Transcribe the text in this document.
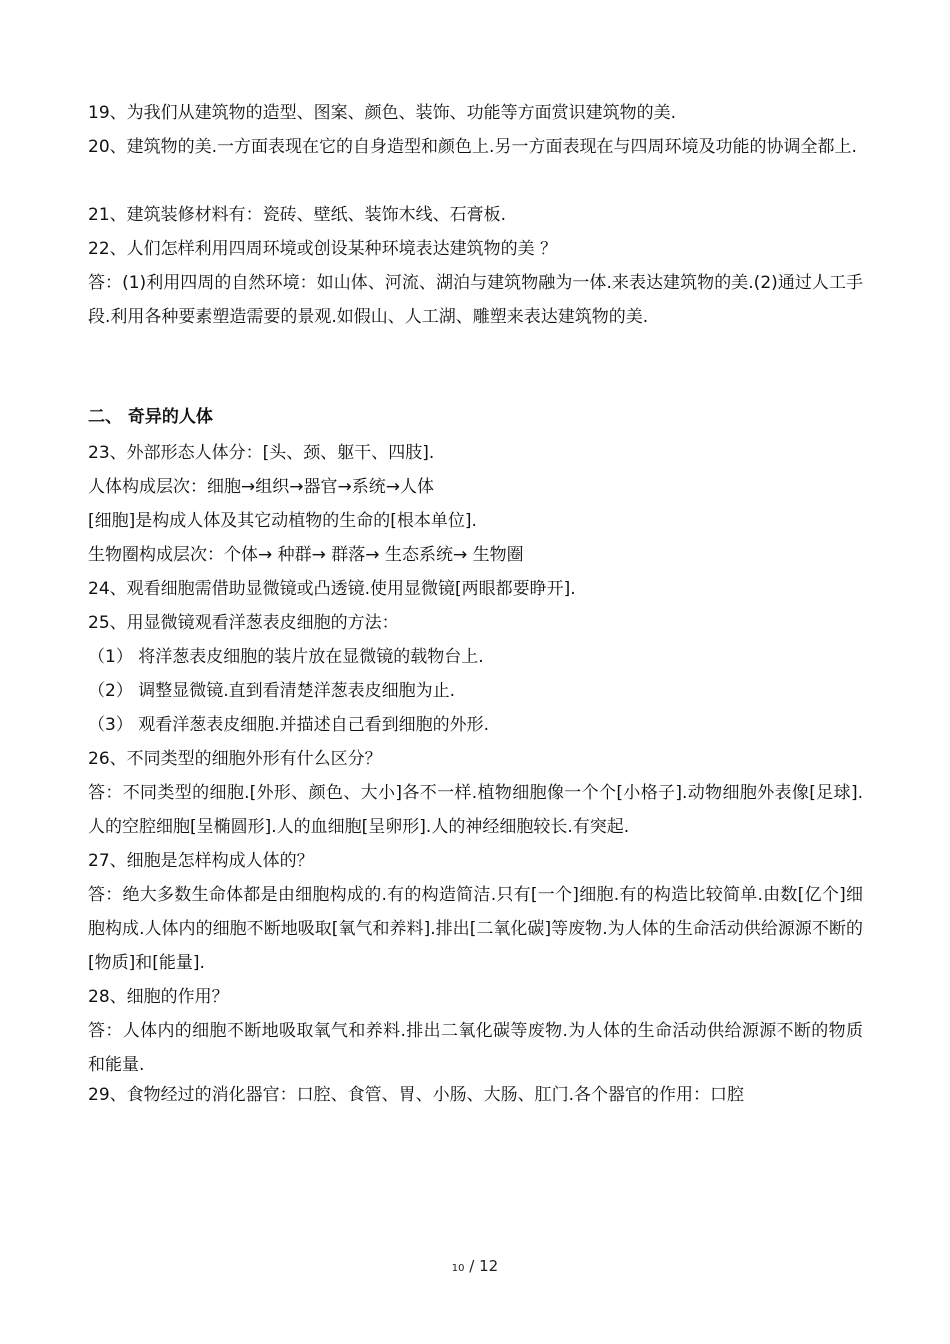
19、为我们从建筑物的造型、图案、颜色、装饰、功能等方面赏识建筑物的美.
20、建筑物的美.一方面表现在它的自身造型和颜色上.另一方面表现在与四周环境及功能的协调全都上.
21、建筑装修材料有：瓷砖、壁纸、装饰木线、石膏板.
22、人们怎样利用四周环境或创设某种环境表达建筑物的美 ？
答：(1)利用四周的自然环境：如山体、河流、湖泊与建筑物融为一体.来表达建筑物的美.(2)通过人工手段.利用各种要素塑造需要的景观.如假山、人工湖、雕塑来表达建筑物的美.
二、 奇异的人体
23、外部形态人体分：[头、颈、躯干、四肢].
人体构成层次：细胞→组织→器官→系统→人体
[细胞]是构成人体及其它动植物的生命的[根本单位].
生物圈构成层次：个体→ 种群→ 群落→ 生态系统→ 生物圈
24、观看细胞需借助显微镜或凸透镜.使用显微镜[两眼都要睁开].
25、用显微镜观看洋葱表皮细胞的方法：
（1） 将洋葱表皮细胞的装片放在显微镜的载物台上.
（2） 调整显微镜.直到看清楚洋葱表皮细胞为止.
（3） 观看洋葱表皮细胞.并描述自己看到细胞的外形.
26、不同类型的细胞外形有什么区分？
答：不同类型的细胞.[外形、颜色、大小]各不一样.植物细胞像一个个[小格子].动物细胞外表像[足球].人的空腔细胞[呈椭圆形].人的血细胞[呈卵形].人的神经细胞较长.有突起.
27、细胞是怎样构成人体的？
答：绝大多数生命体都是由细胞构成的.有的构造简洁.只有[一个]细胞.有的构造比较简单.由数[亿个]细胞构成.人体内的细胞不断地吸取[氧气和养料].排出[二氧化碳]等废物.为人体的生命活动供给源源不断的[物质]和[能量].
28、细胞的作用？
答：人体内的细胞不断地吸取氧气和养料.排出二氧化碳等废物.为人体的生命活动供给源源不断的物质和能量.
29、食物经过的消化器官：口腔、食管、胃、小肠、大肠、肛门.各个器官的作用：口腔
10 / 12
